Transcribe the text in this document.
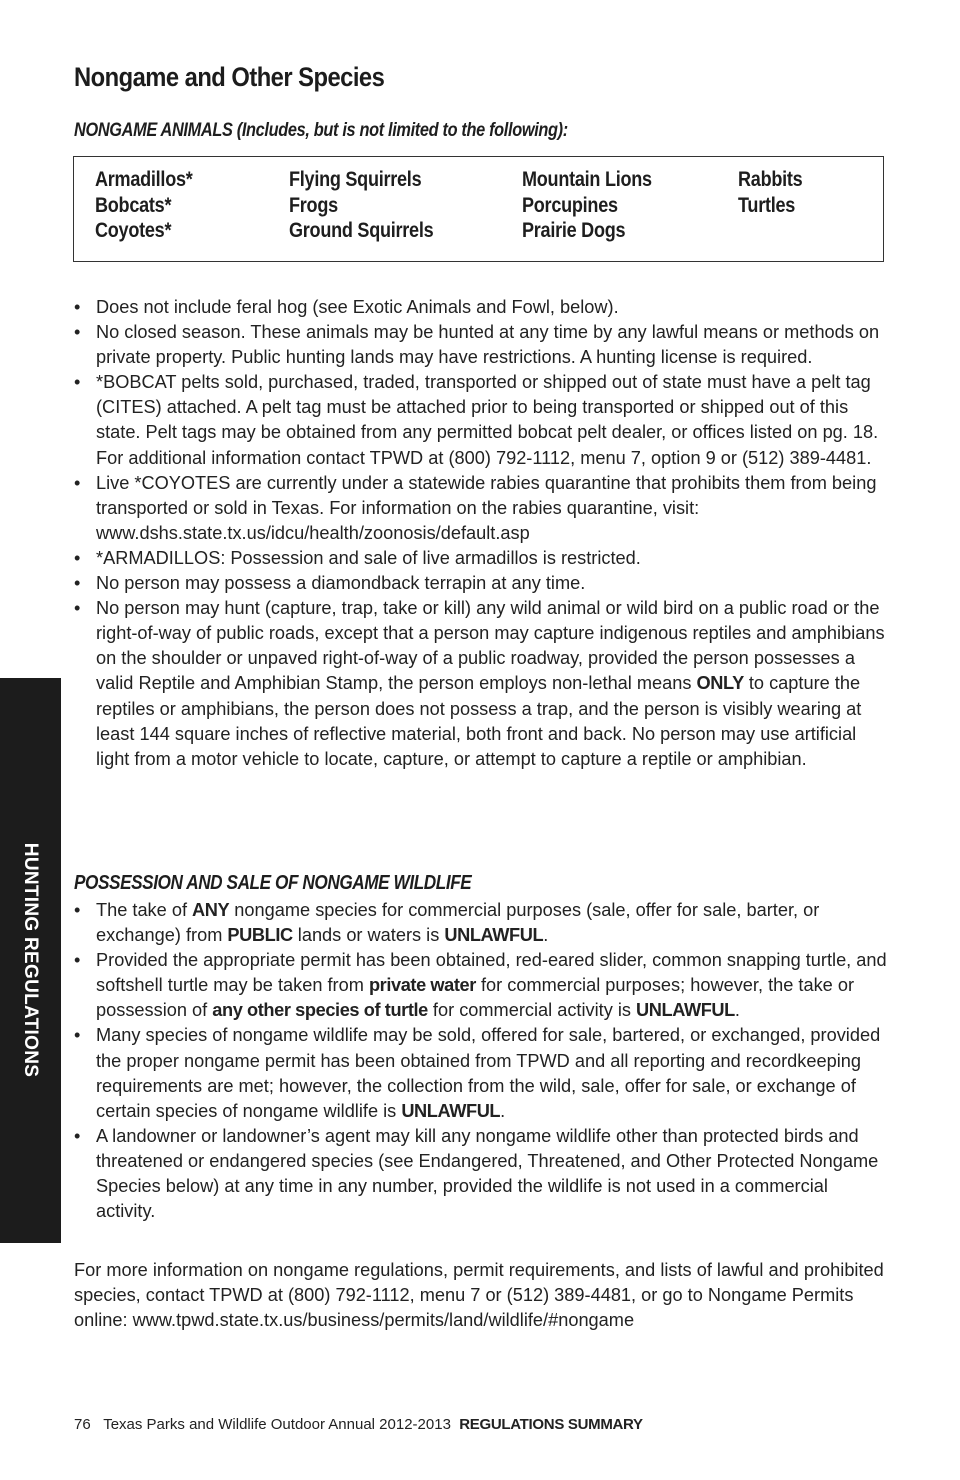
Nongame and Other Species
NONGAME ANIMALS (Includes, but is not limited to the following):
Armadillos*
Bobcats*
Coyotes*
Flying Squirrels
Frogs
Ground Squirrels
Mountain Lions
Porcupines
Prairie Dogs
Rabbits
Turtles
• Does not include feral hog (see Exotic Animals and Fowl, below).
• No closed season. These animals may be hunted at any time by any lawful means or methods on private property. Public hunting lands may have restrictions. A hunting license is required.
• *BOBCAT pelts sold, purchased, traded, transported or shipped out of state must have a pelt tag (CITES) attached. A pelt tag must be attached prior to being transported or shipped out of this state. Pelt tags may be obtained from any permitted bobcat pelt dealer, or offices listed on pg. 18. For additional information contact TPWD at (800) 792-1112, menu 7, option 9 or (512) 389-4481.
• Live *COYOTES are currently under a statewide rabies quarantine that prohibits them from being transported or sold in Texas. For information on the rabies quarantine, visit: www.dshs.state.tx.us/idcu/health/zoonosis/default.asp
• *ARMADILLOS: Possession and sale of live armadillos is restricted.
• No person may possess a diamondback terrapin at any time.
• No person may hunt (capture, trap, take or kill) any wild animal or wild bird on a public road or the right-of-way of public roads, except that a person may capture indigenous reptiles and amphibians on the shoulder or unpaved right-of-way of a public roadway, provided the person possesses a valid Reptile and Amphibian Stamp, the person employs non-lethal means ONLY to capture the reptiles or amphibians, the person does not possess a trap, and the person is visibly wearing at least 144 square inches of reflective material, both front and back. No person may use artificial light from a motor vehicle to locate, capture, or attempt to capture a reptile or amphibian.
POSSESSION AND SALE OF NONGAME WILDLIFE
• The take of ANY nongame species for commercial purposes (sale, offer for sale, barter, or exchange) from PUBLIC lands or waters is UNLAWFUL.
• Provided the appropriate permit has been obtained, red-eared slider, common snapping turtle, and softshell turtle may be taken from private water for commercial purposes; however, the take or possession of any other species of turtle for commercial activity is UNLAWFUL.
• Many species of nongame wildlife may be sold, offered for sale, bartered, or exchanged, provided the proper nongame permit has been obtained from TPWD and all reporting and recordkeeping requirements are met; however, the collection from the wild, sale, offer for sale, or exchange of certain species of nongame wildlife is UNLAWFUL.
• A landowner or landowner’s agent may kill any nongame wildlife other than protected birds and threatened or endangered species (see Endangered, Threatened, and Other Protected Nongame Species below) at any time in any number, provided the wildlife is not used in a commercial activity.

For more information on nongame regulations, permit requirements, and lists of lawful and prohibited species, contact TPWD at (800) 792-1112, menu 7 or (512) 389-4481, or go to Nongame Permits online: www.tpwd.state.tx.us/business/permits/land/wildlife/#nongame

HUNTING REGULATIONS

76 Texas Parks and Wildlife Outdoor Annual 2012-2013 REGULATIONS SUMMARY
